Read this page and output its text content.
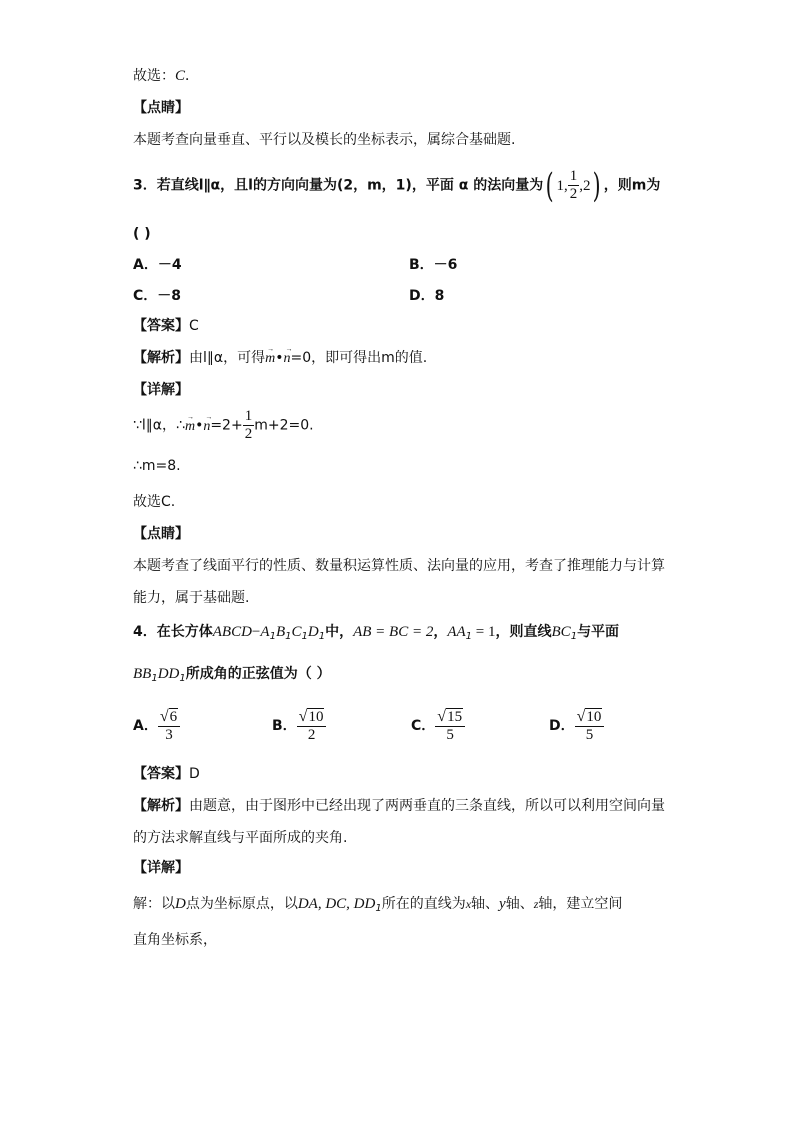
故选：C．
【点睛】
本题考查向量垂直、平行以及模长的坐标表示，属综合基础题.
3．若直线l∥α，且l的方向向量为(2，m，1)，平面 α 的法向量为( 1, $\frac{1}{2} ,2$) ，则m为
( )
A．－4	B．－6
C．－8	D．8
【答案】C
【解析】由l∥α，可得→ m•→ n=0，即可得出m的值.
【详解】
∵l∥α，∴→ m•→ $n=2+ \frac{1}{2} m+2=0$.
∴m=8.
故选C.
【点睛】
本题考查了线面平行的性质、数量积运算性质、法向量的应用，考查了推理能力与计算
能力，属于基础题.
4．在长方体$ABCD-A_1B_1C_1D_1$中，AB = BC = 2，$AA_1 = 1$，则直线$BC_1$与平面
$BB_1DD_1$所成角的正弦值为（ ）
A． $\frac{√6}{3}$	B． $\frac{√10}{2}$	C． $\frac{√15}{5}$	D． $\frac{√10}{5}$
【答案】D
【解析】由题意，由于图形中已经出现了两两垂直的三条直线，所以可以利用空间向量
的方法求解直线与平面所成的夹角.
【详解】
解：以D点为坐标原点，以DA, DC, $DD_1$所在的直线为x轴、y轴、z轴，建立空间
直角坐标系，
